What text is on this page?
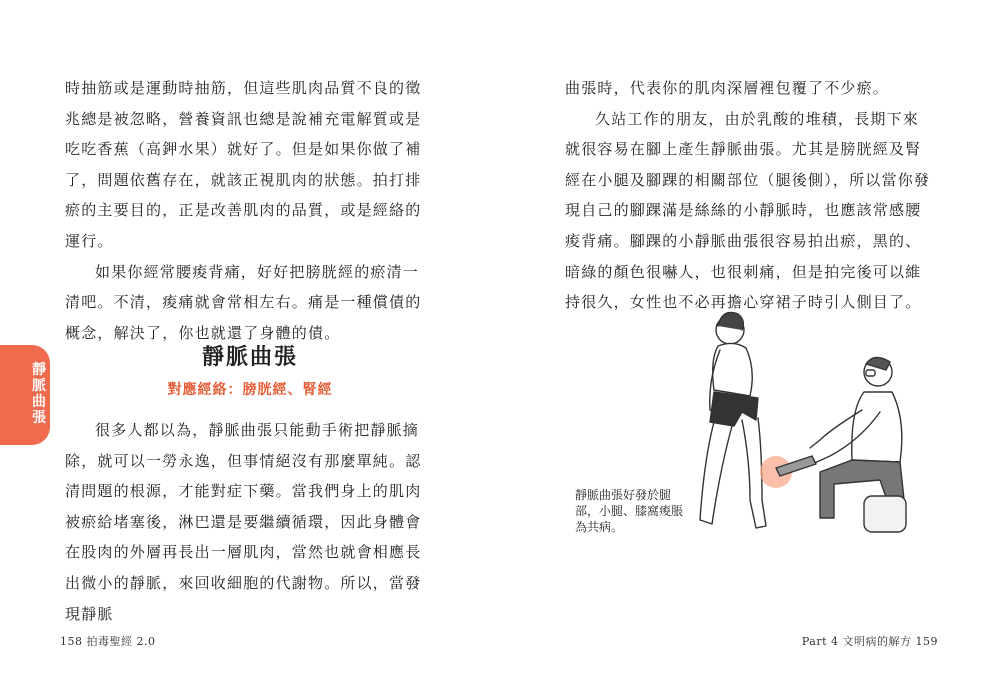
時抽筋或是運動時抽筋，但這些肌肉品質不良的徵兆總是被忽略，營養資訊也總是說補充電解質或是吃吃香蕉（高鉀水果）就好了。但是如果你做了補了，問題依舊存在，就該正視肌肉的狀態。拍打排瘀的主要目的，正是改善肌肉的品質，或是經絡的運行。

如果你經常腰痠背痛，好好把膀胱經的瘀清一清吧。不清，痠痛就會常相左右。痛是一種償債的概念，解決了，你也就還了身體的債。

靜脈曲張
對應經絡：膀胱經、腎經

很多人都以為，靜脈曲張只能動手術把靜脈摘除，就可以一勞永逸，但事情絕沒有那麼單純。認清問題的根源，才能對症下藥。當我們身上的肌肉被瘀給堵塞後，淋巴還是要繼續循環，因此身體會在股肉的外層再長出一層肌肉，當然也就會相應長出微小的靜脈，來回收細胞的代謝物。所以，當發現靜脈

靜脈曲張
158 拍毒聖經 2.0

曲張時，代表你的肌肉深層裡包覆了不少瘀。

久站工作的朋友，由於乳酸的堆積，長期下來就很容易在腳上產生靜脈曲張。尤其是膀胱經及腎經在小腿及腳踝的相關部位（腿後側），所以當你發現自己的腳踝滿是絲絲的小靜脈時，也應該常感腰痠背痛。腳踝的小靜脈曲張很容易拍出瘀，黑的、暗綠的顏色很嚇人，也很刺痛，但是拍完後可以維持很久，女性也不必再擔心穿裙子時引人側目了。

靜脈曲張好發於腿部，小腿、膝窩痠脹為共病。
Part 4 文明病的解方 159
